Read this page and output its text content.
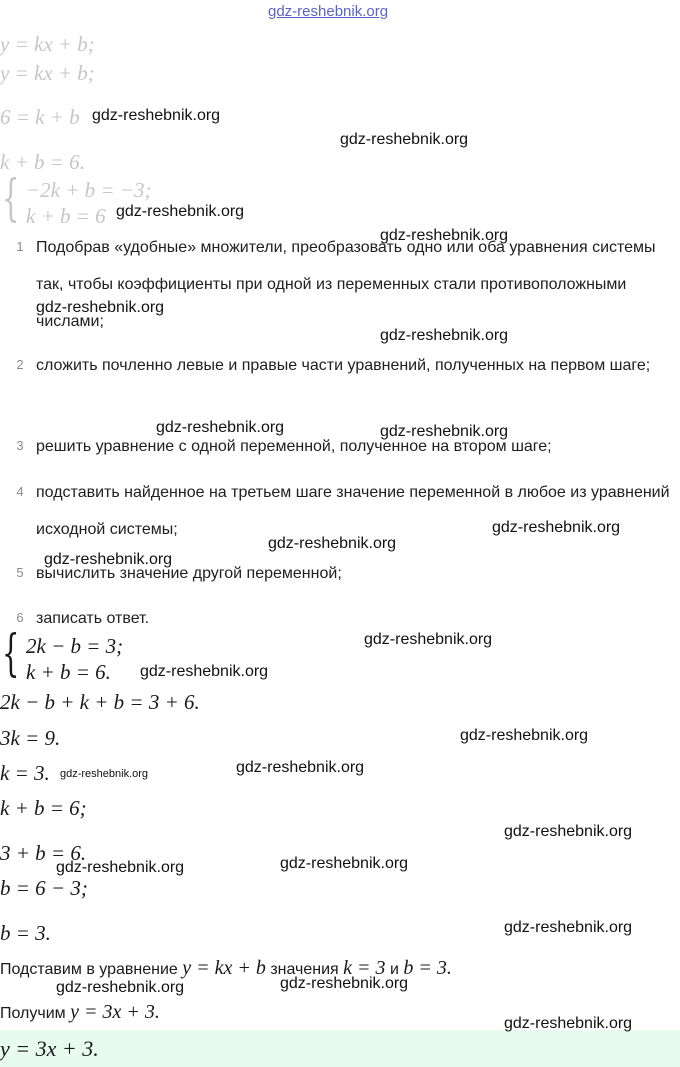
gdz-reshebnik.org
y = kx + b;
y = kx + b;
6 = k + b
k + b = 6.
{ −2k + b = −3;
k + b = 6
1 Подобрав «удобные» множители, преобразовать одно или оба уравнения системы так, чтобы коэффициенты при одной из переменных стали противоположными числами;
2 сложить почленно левые и правые части уравнений, полученных на первом шаге;
3 решить уравнение с одной переменной, полученное на втором шаге;
4 подставить найденное на третьем шаге значение переменной в любое из уравнений исходной системы;
5 вычислить значение другой переменной;
6 записать ответ.
{ 2k − b = 3;
k + b = 6.
2k − b + k + b = 3 + 6.
3k = 9.
k = 3.
k + b = 6;
3 + b = 6.
b = 6 − 3;
b = 3.
Подставим в уравнение y = kx + b значения k = 3 и b = 3.
Получим y = 3x + 3.
y = 3x + 3.
gdz-reshebnik.org
gdz-reshebnik.org
gdz-reshebnik.org
gdz-reshebnik.org
gdz-reshebnik.org
gdz-reshebnik.org
gdz-reshebnik.org	gdz-reshebnik.org
gdz-reshebnik.org
gdz-reshebnik.org
gdz-reshebnik.org
gdz-reshebnik.org
gdz-reshebnik.org
gdz-reshebnik.org
gdz-reshebnik.org	gdz-reshebnik.org
gdz-reshebnik.org
gdz-reshebnik.org	gdz-reshebnik.org
gdz-reshebnik.org
gdz-reshebnik.org	gdz-reshebnik.org
gdz-reshebnik.org
